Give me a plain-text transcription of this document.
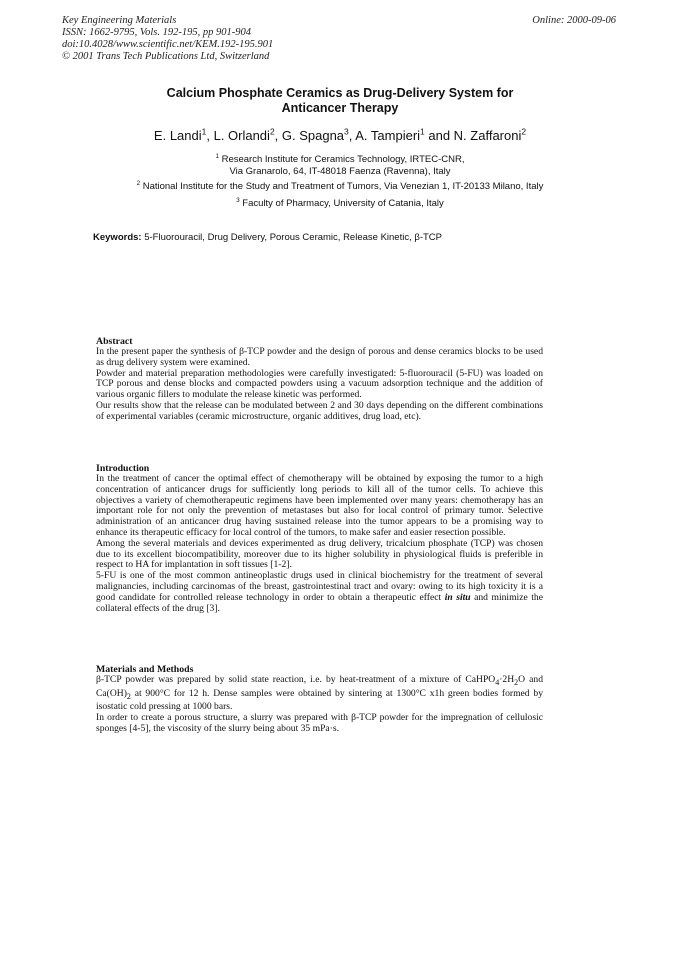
Key Engineering Materials
ISSN: 1662-9795, Vols. 192-195, pp 901-904
doi:10.4028/www.scientific.net/KEM.192-195.901
© 2001 Trans Tech Publications Ltd, Switzerland
Online: 2000-09-06
Calcium Phosphate Ceramics as Drug-Delivery System for
Anticancer Therapy
E. Landi$^1$, L. Orlandi$^2$, G. Spagna$^3$, A. Tampieri$^1$ and N. Zaffaroni$^2$
$^1$ Research Institute for Ceramics Technology, IRTEC-CNR,
Via Granarolo, 64, IT-48018 Faenza (Ravenna), Italy
$^2$ National Institute for the Study and Treatment of Tumors, Via Venezian 1, IT-20133 Milano, Italy
$^3$ Faculty of Pharmacy, University of Catania, Italy
Keywords: 5-Fluorouracil, Drug Delivery, Porous Ceramic, Release Kinetic, β-TCP
Abstract

In the present paper the synthesis of β-TCP powder and the design of porous and dense ceramics blocks to be used as drug delivery system were examined.

Powder and material preparation methodologies were carefully investigated: 5-fluorouracil (5-FU) was loaded on TCP porous and dense blocks and compacted powders using a vacuum adsorption technique and the addition of various organic fillers to modulate the release kinetic was performed.

Our results show that the release can be modulated between 2 and 30 days depending on the different combinations of experimental variables (ceramic microstructure, organic additives, drug load, etc).

Introduction

In the treatment of cancer the optimal effect of chemotherapy will be obtained by exposing the tumor to a high concentration of anticancer drugs for sufficiently long periods to kill all of the tumor cells. To achieve this objectives a variety of chemotherapeutic regimens have been implemented over many years: chemotherapy has an important role for not only the prevention of metastases but also for local control of primary tumor. Selective administration of an anticancer drug having sustained release into the tumor appears to be a promising way to enhance its therapeutic efficacy for local control of the tumors, to make safer and easier resection possible.

Among the several materials and devices experimented as drug delivery, tricalcium phosphate (TCP) was chosen due to its excellent biocompatibility, moreover due to its higher solubility in physiological fluids is preferible in respect to HA for implantation in soft tissues [1-2].

5-FU is one of the most common antineoplastic drugs used in clinical biochemistry for the treatment of several malignancies, including carcinomas of the breast, gastrointestinal tract and ovary: owing to its high toxicity it is a good candidate for controlled release technology in order to obtain a therapeutic effect in situ and minimize the collateral effects of the drug [3].

Materials and Methods

β-TCP powder was prepared by solid state reaction, i.e. by heat-treatment of a mixture of $CaHPO_4\cdot 2H_2O$ and $Ca(OH)_2$ at 900°C for 12 h. Dense samples were obtained by sintering at 1300°C x1h green bodies formed by isostatic cold pressing at 1000 bars.

In order to create a porous structure, a slurry was prepared with β-TCP powder for the impregnation of cellulosic sponges [4-5], the viscosity of the slurry being about 35 mPa·s.
